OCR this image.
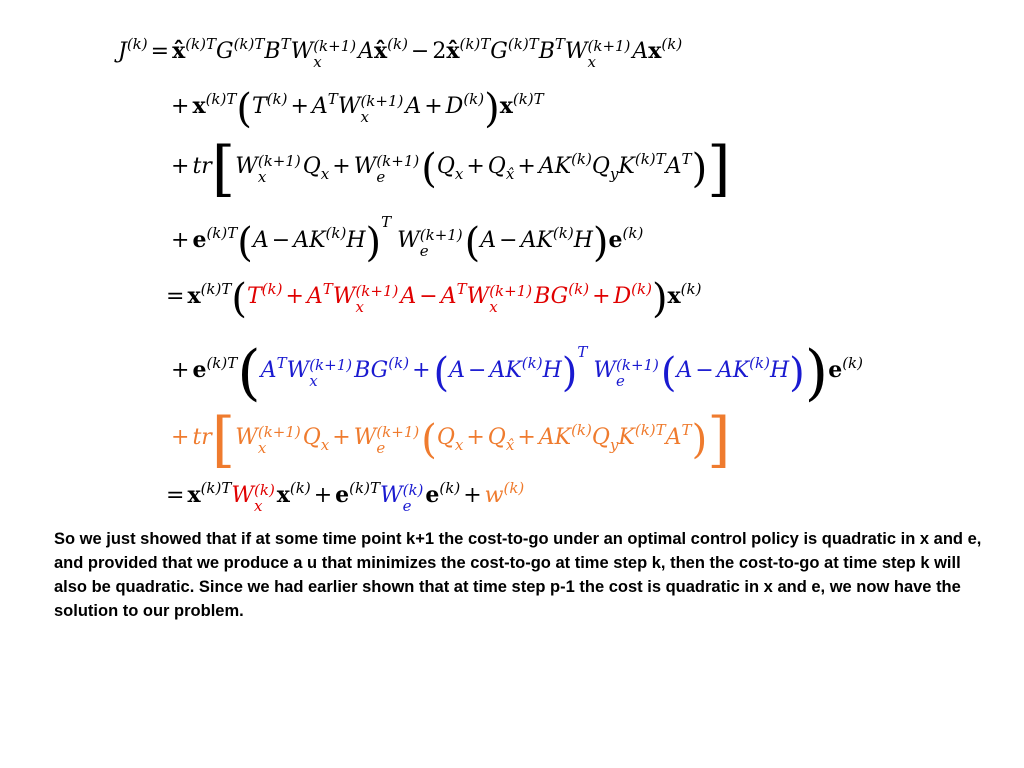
$J^{(k)}$ = $x̂^{(k)T}G^{(k)T}B^TW$ (k+1)
x	Ax̂$^{(k)}$ − $2x̂^{(k)T}G^{(k)T}B^TW$ (k+1)
x	$Ax^{(k)}$
+ $x^{(k)T}(T^{(k)} + A^TW$ (k+1)
x	$A + D^{(k)})x^{(k)T}$
+ tr[W (k+1)
x	$Q_x + W$ (k+1)
e $(Q_x + Q_{x̂} + AK^{(k)}Q_yK^{(k)T}A^T)$]
+ $e^{(k)T}(A - AK^{(k)}H)^TW$ (k+1)
e $(A - AK^{(k)}H)e^{(k)}$
= $x^{(k)T}(T^{(k)} + A^TW$ (k+1)
x	$A - A^TW$ (k+1)
x	$BG^{(k)} + D^{(k)})x^{(k)}$
+ $e^{(k)T}(A^TW$ (k+1)
x	$BG^{(k)} +(A - AK^{(k)}H)^TW$ (k+1)
e $(A - AK^{(k)}H))e^{(k)}$
+ tr[W (k+1)
x	$Q_x + W$ (k+1)
e $(Q_x + Q_{x̂} + AK^{(k)}Q_yK^{(k)T}A^T)$]
= $x^{(k)T}W$ (k)
x $x^{(k)} + e^{(k)T}W$ (k)
e $e^{(k)} + w^{(k)}$
So we just showed that if at some time point k+1 the cost-to-go under an optimal control policy is quadratic in x and e, and provided that we produce a u that minimizes the cost-to-go at time step k, then the cost-to-go at time step k will also be quadratic. Since we had earlier shown that at time step p-1 the cost is quadratic in x and e, we now have the solution to our problem.
